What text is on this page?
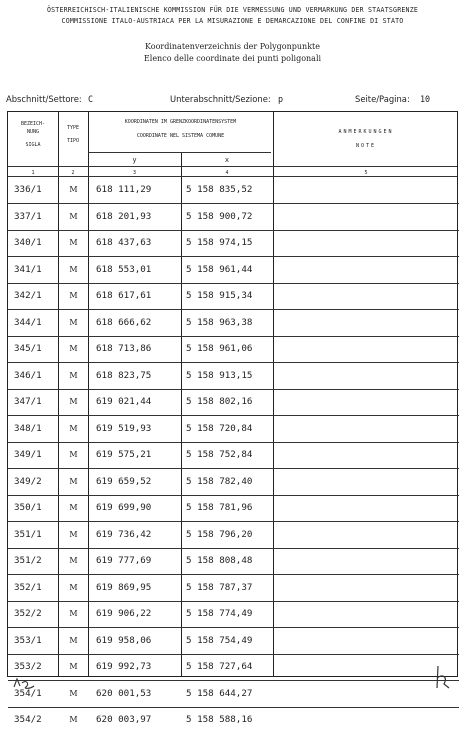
ÖSTERREICHISCH-ITALIENISCHE KOMMISSION FÜR DIE VERMESSUNG UND VERMARKUNG DER STAATSGRENZE
COMMISSIONE ITALO-AUSTRIACA PER LA MISURAZIONE E DEMARCAZIONE DEL CONFINE DI STATO
Koordinatenverzeichnis der Polygonpunkte
Elenco delle coordinate dei punti poligonali
Abschnitt/Settore: C	Unterabschnitt/Sezione: p	Seite/Pagina: 10
BEZEICH-
NUNG
SIGLA
TYPE
TIPO
KOORDINATEN IM GRENZKOORDINATENSYSTEM
COORDINATE NEL SISTEMA COMUNE
y	x
ANMERKUNGEN
NOTE
1	2	3	4	5
336/1	M	618 111,29	5 158 835,52
337/1	M	618 201,93	5 158 900,72
340/1	M	618 437,63	5 158 974,15
341/1	M	618 553,01	5 158 961,44
342/1	M	618 617,61	5 158 915,34
344/1	M	618 666,62	5 158 963,38
345/1	M	618 713,86	5 158 961,06
346/1	M	618 823,75	5 158 913,15
347/1	M	619 021,44	5 158 802,16
348/1	M	619 519,93	5 158 720,84
349/1	M	619 575,21	5 158 752,84
349/2	M	619 659,52	5 158 782,40
350/1	M	619 699,90	5 158 781,96
351/1	M	619 736,42	5 158 796,20
351/2	M	619 777,69	5 158 808,48
352/1	M	619 869,95	5 158 787,37
352/2	M	619 906,22	5 158 774,49
353/1	M	619 958,06	5 158 754,49
353/2	M	619 992,73	5 158 727,64
354/1	M	620 001,53	5 158 644,27
354/2	M	620 003,97	5 158 588,16
